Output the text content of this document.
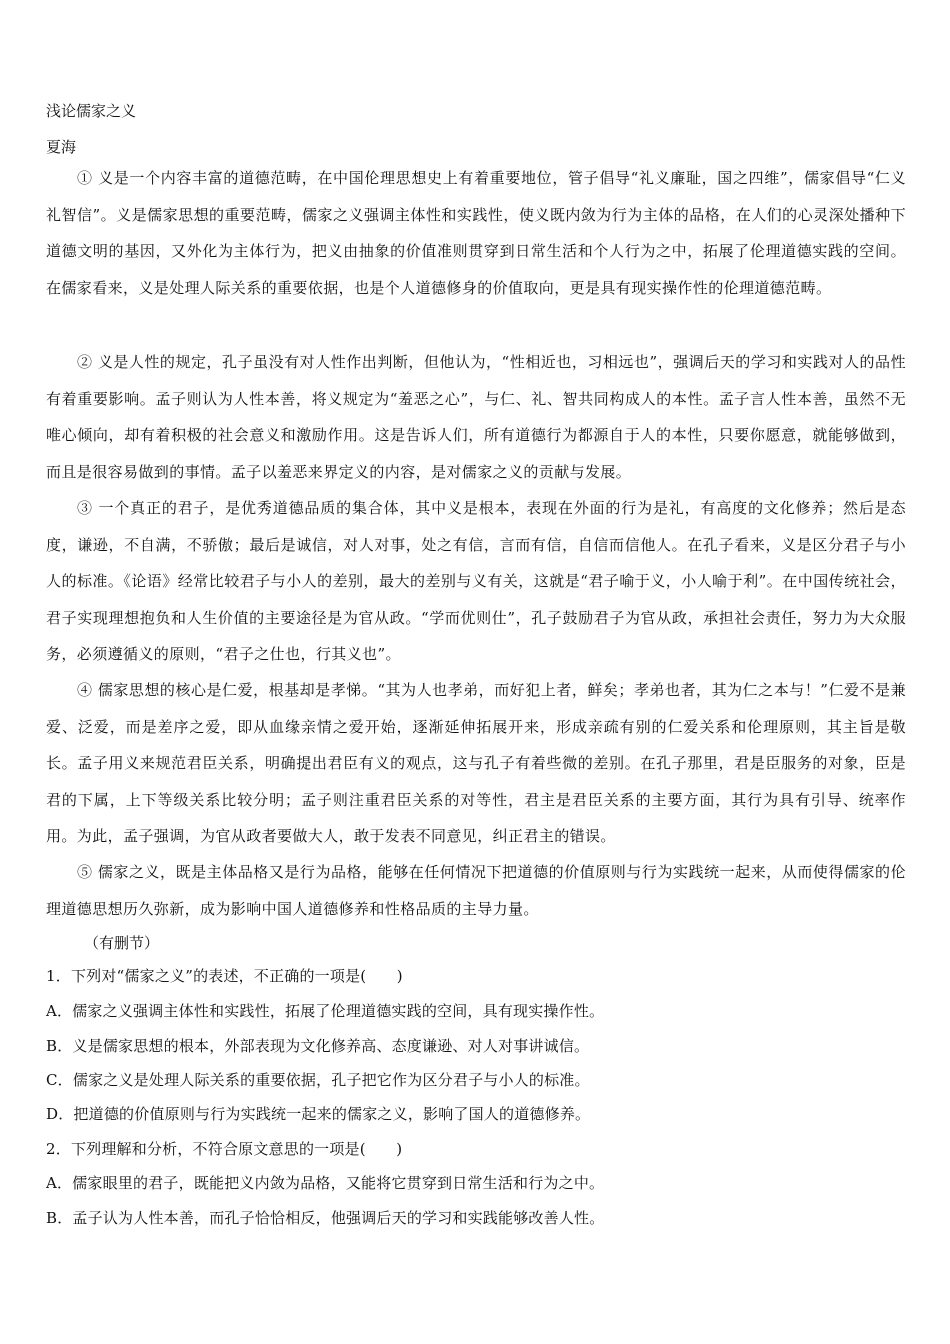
浅论儒家之义
夏海

① 义是一个内容丰富的道德范畴，在中国伦理思想史上有着重要地位，管子倡导“礼义廉耻，国之四维”，儒家倡导“仁义礼智信”。义是儒家思想的重要范畴，儒家之义强调主体性和实践性，使义既内敛为行为主体的品格，在人们的心灵深处播种下道德文明的基因，又外化为主体行为，把义由抽象的价值准则贯穿到日常生活和个人行为之中，拓展了伦理道德实践的空间。在儒家看来，义是处理人际关系的重要依据，也是个人道德修身的价值取向，更是具有现实操作性的伦理道德范畴。

② 义是人性的规定，孔子虽没有对人性作出判断，但他认为，“性相近也，习相远也”，强调后天的学习和实践对人的品性有着重要影响。孟子则认为人性本善，将义规定为“羞恶之心”，与仁、礼、智共同构成人的本性。孟子言人性本善，虽然不无唯心倾向，却有着积极的社会意义和激励作用。这是告诉人们，所有道德行为都源自于人的本性，只要你愿意，就能够做到，而且是很容易做到的事情。孟子以羞恶来界定义的内容，是对儒家之义的贡献与发展。

③ 一个真正的君子，是优秀道德品质的集合体，其中义是根本，表现在外面的行为是礼，有高度的文化修养；然后是态度，谦逊，不自满，不骄傲；最后是诚信，对人对事，处之有信，言而有信，自信而信他人。在孔子看来，义是区分君子与小人的标准。《论语》经常比较君子与小人的差别，最大的差别与义有关，这就是“君子喻于义，小人喻于利”。在中国传统社会，君子实现理想抱负和人生价值的主要途径是为官从政。“学而优则仕”，孔子鼓励君子为官从政，承担社会责任，努力为大众服务，必须遵循义的原则，“君子之仕也，行其义也”。

④ 儒家思想的核心是仁爱，根基却是孝悌。“其为人也孝弟，而好犯上者，鲜矣；孝弟也者，其为仁之本与！”仁爱不是兼爱、泛爱，而是差序之爱，即从血缘亲情之爱开始，逐渐延伸拓展开来，形成亲疏有别的仁爱关系和伦理原则，其主旨是敬长。孟子用义来规范君臣关系，明确提出君臣有义的观点，这与孔子有着些微的差别。在孔子那里，君是臣服务的对象，臣是君的下属，上下等级关系比较分明；孟子则注重君臣关系的对等性，君主是君臣关系的主要方面，其行为具有引导、统率作用。为此，孟子强调，为官从政者要做大人，敢于发表不同意见，纠正君主的错误。

⑤ 儒家之义，既是主体品格又是行为品格，能够在任何情况下把道德的价值原则与行为实践统一起来，从而使得儒家的伦理道德思想历久弥新，成为影响中国人道德修养和性格品质的主导力量。

（有删节）
1．下列对“儒家之义”的表述，不正确的一项是(　　)
A．儒家之义强调主体性和实践性，拓展了伦理道德实践的空间，具有现实操作性。
B．义是儒家思想的根本，外部表现为文化修养高、态度谦逊、对人对事讲诚信。
C．儒家之义是处理人际关系的重要依据，孔子把它作为区分君子与小人的标准。
D．把道德的价值原则与行为实践统一起来的儒家之义，影响了国人的道德修养。
2．下列理解和分析，不符合原文意思的一项是(　　)
A．儒家眼里的君子，既能把义内敛为品格，又能将它贯穿到日常生活和行为之中。
B．孟子认为人性本善，而孔子恰恰相反，他强调后天的学习和实践能够改善人性。
